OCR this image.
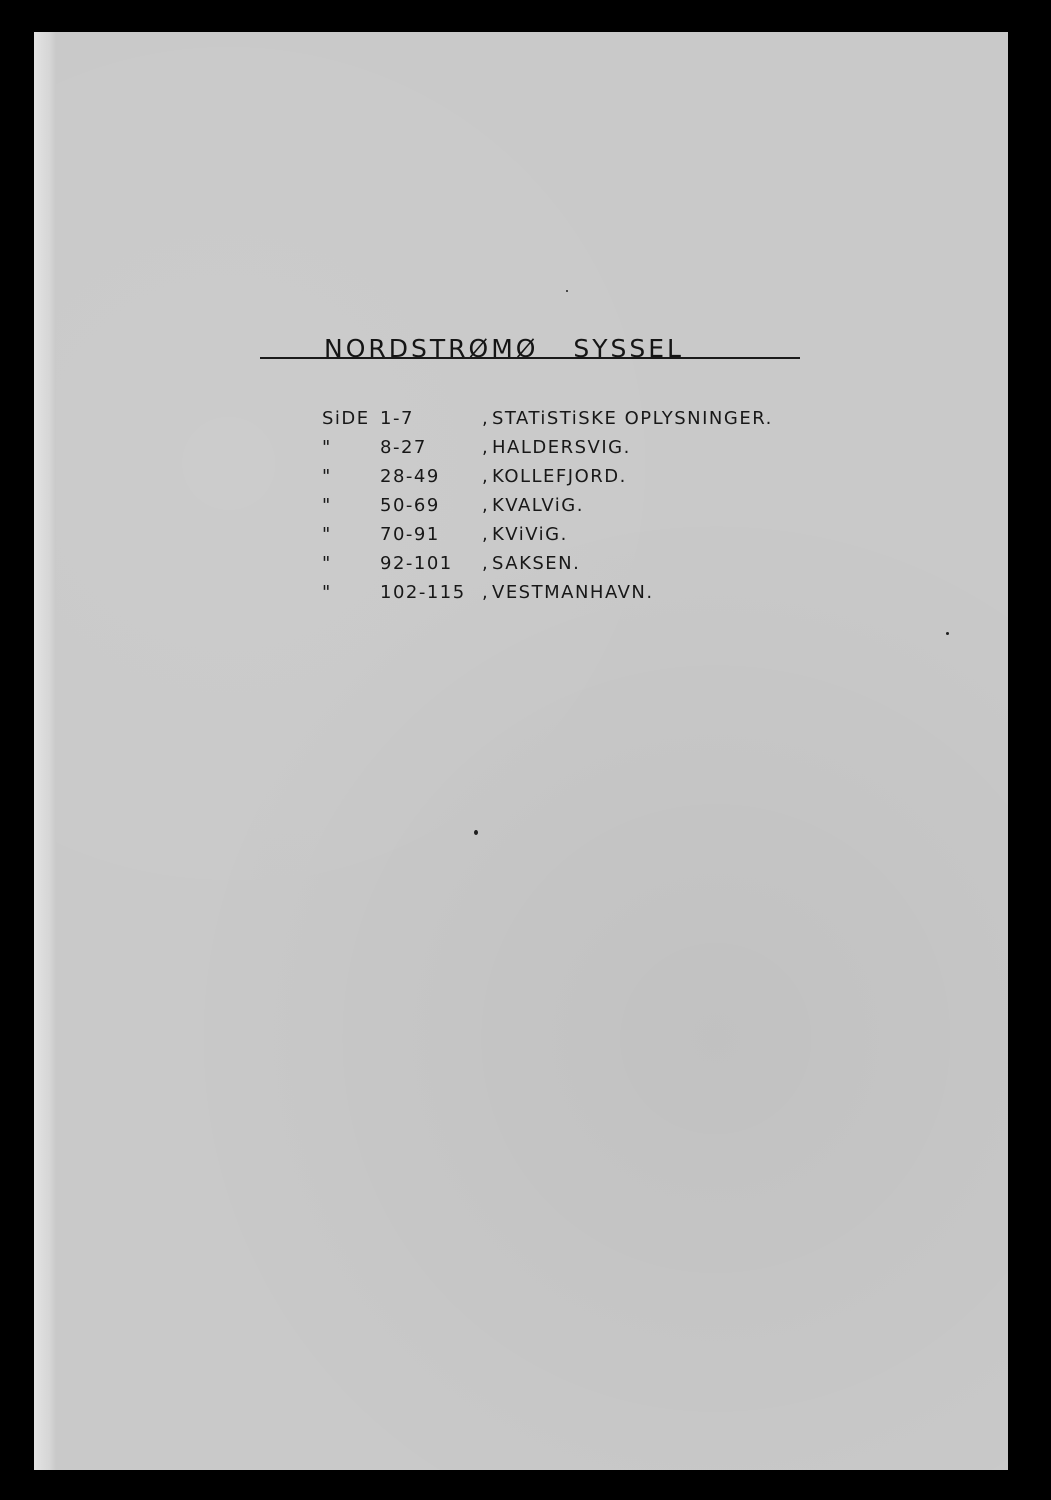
NORDSTRØMØ SYSSEL
SiDE 1-7	, STATiSTiSKE OPLYSNINGER.
"	8-27	, HALDERSVIG.
"	28-49 , KOLLEFJORD.
"	50-69 , KVALViG.
"	70-91 , KViViG.
"	92-101 , SAKSEN.
"	102-115 , VESTMANHAVN.
